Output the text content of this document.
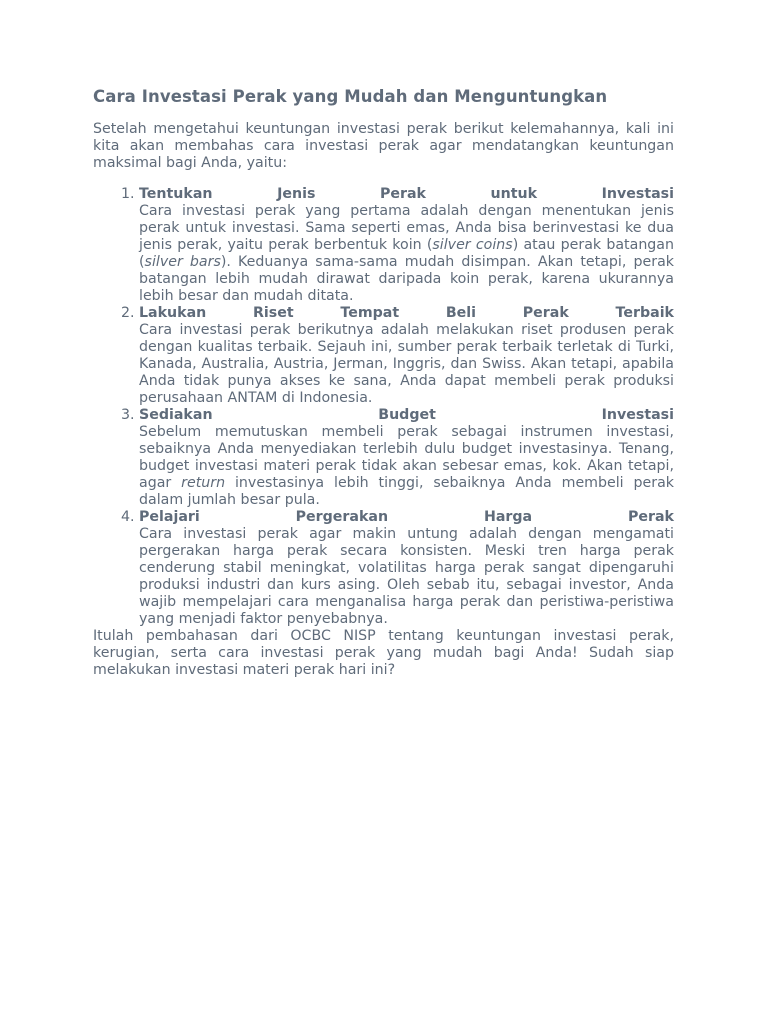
Cara Investasi Perak yang Mudah dan Menguntungkan

Setelah mengetahui keuntungan investasi perak berikut kelemahannya, kali ini kita akan membahas cara investasi perak agar mendatangkan keuntungan maksimal bagi Anda, yaitu:

1. Tentukan Jenis Perak untuk Investasi
Cara investasi perak yang pertama adalah dengan menentukan jenis perak untuk investasi. Sama seperti emas, Anda bisa berinvestasi ke dua jenis perak, yaitu perak berbentuk koin (silver coins) atau perak batangan (silver bars). Keduanya sama-sama mudah disimpan. Akan tetapi, perak batangan lebih mudah dirawat daripada koin perak, karena ukurannya lebih besar dan mudah ditata.
2. Lakukan Riset Tempat Beli Perak Terbaik
Cara investasi perak berikutnya adalah melakukan riset produsen perak dengan kualitas terbaik. Sejauh ini, sumber perak terbaik terletak di Turki, Kanada, Australia, Austria, Jerman, Inggris, dan Swiss. Akan tetapi, apabila Anda tidak punya akses ke sana, Anda dapat membeli perak produksi perusahaan ANTAM di Indonesia.
3. Sediakan Budget Investasi
Sebelum memutuskan membeli perak sebagai instrumen investasi, sebaiknya Anda menyediakan terlebih dulu budget investasinya. Tenang, budget investasi materi perak tidak akan sebesar emas, kok. Akan tetapi, agar return investasinya lebih tinggi, sebaiknya Anda membeli perak dalam jumlah besar pula.
4. Pelajari Pergerakan Harga Perak
Cara investasi perak agar makin untung adalah dengan mengamati pergerakan harga perak secara konsisten. Meski tren harga perak cenderung stabil meningkat, volatilitas harga perak sangat dipengaruhi produksi industri dan kurs asing. Oleh sebab itu, sebagai investor, Anda wajib mempelajari cara menganalisa harga perak dan peristiwa-peristiwa yang menjadi faktor penyebabnya.

Itulah pembahasan dari OCBC NISP tentang keuntungan investasi perak, kerugian, serta cara investasi perak yang mudah bagi Anda! Sudah siap melakukan investasi materi perak hari ini?
